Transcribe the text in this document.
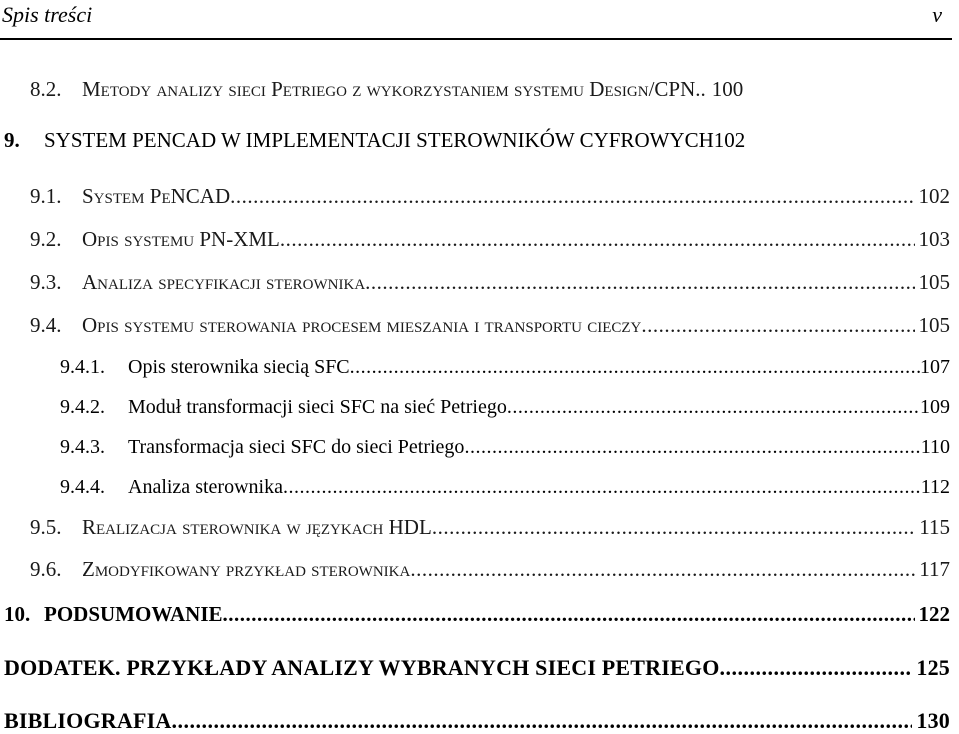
Spis treści	v
8.2. Metody analizy sieci Petriego z wykorzystaniem systemu Design/CPN .. 100
9.	SYSTEM PENCAD W IMPLEMENTACJI STEROWNIKÓW CYFROWYCH 102
9.1. System PeNCAD .....	102
9.2. Opis systemu PN-XML .....	103
9.3. Analiza specyfikacji sterownika .....	105
9.4. Opis systemu sterowania procesem mieszania i transportu cieczy .....	105
9.4.1.	Opis sterownika siecią SFC .....	107
9.4.2.	Moduł transformacji sieci SFC na sieć Petriego .....	109
9.4.3.	Transformacja sieci SFC do sieci Petriego .....	110
9.4.4.	Analiza sterownika .....	112
9.5. Realizacja sterownika w językach HDL .....	115
9.6. Zmodyfikowany przykład sterownika .....	117
10. PODSUMOWANIE .....	122
DODATEK. PRZYKŁADY ANALIZY WYBRANYCH SIECI PETRIEGO .....	125
BIBLIOGRAFIA .....	130
